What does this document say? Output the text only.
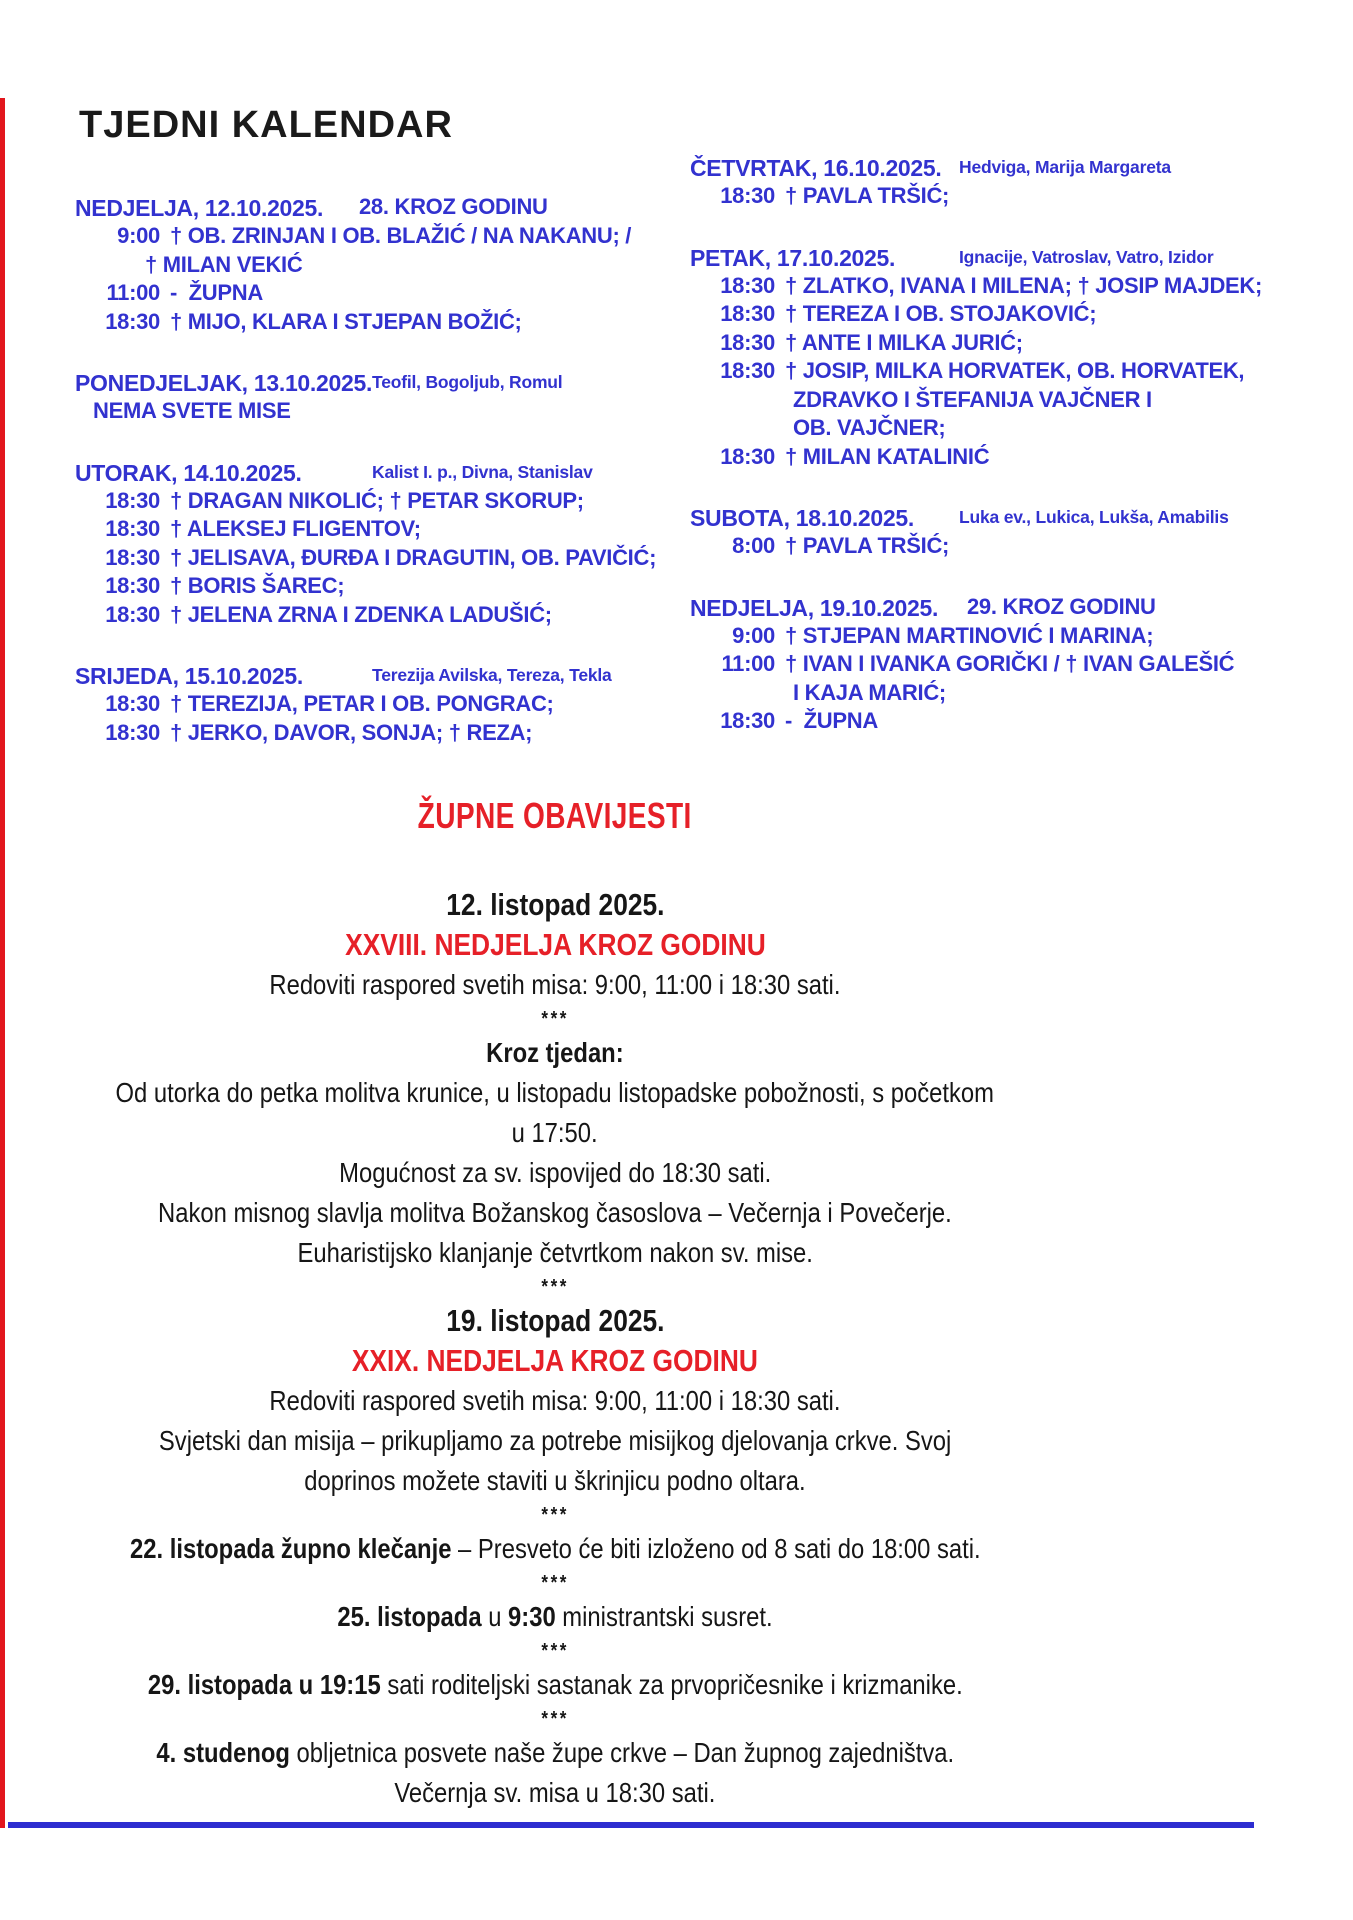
TJEDNI KALENDAR
NEDJELJA, 12.10.2025. 28. KROZ GODINU
9:00 † OB. ZRINJAN I OB. BLAŽIĆ / NA NAKANU; /
† MILAN VEKIĆ
11:00 -  ŽUPNA
18:30 † MIJO, KLARA I STJEPAN BOŽIĆ;
PONEDJELJAK, 13.10.2025. Teofil, Bogoljub, Romul
NEMA SVETE MISE
UTORAK, 14.10.2025.	Kalist I. p., Divna, Stanislav
18:30 † DRAGAN NIKOLIĆ; † PETAR SKORUP;
18:30 † ALEKSEJ FLIGENTOV;
18:30 † JELISAVA, ĐURĐA I DRAGUTIN, OB. PAVIČIĆ;
18:30 † BORIS ŠAREC;
18:30 † JELENA ZRNA I ZDENKA LADUŠIĆ;
SRIJEDA, 15.10.2025.	Terezija Avilska, Tereza, Tekla
18:30 † TEREZIJA, PETAR I OB. PONGRAC;
18:30 † JERKO, DAVOR, SONJA; † REZA;
ČETVRTAK, 16.10.2025. Hedviga, Marija Margareta
18:30 † PAVLA TRŠIĆ;
PETAK, 17.10.2025.	Ignacije, Vatroslav, Vatro, Izidor
18:30 † ZLATKO, IVANA I MILENA; † JOSIP MAJDEK;
18:30 † TEREZA I OB. STOJAKOVIĆ;
18:30 † ANTE I MILKA JURIĆ;
18:30 † JOSIP, MILKA HORVATEK, OB. HORVATEK,
ZDRAVKO I ŠTEFANIJA VAJČNER I
OB. VAJČNER;
18:30 † MILAN KATALINIĆ
SUBOTA, 18.10.2025.	Luka ev., Lukica, Lukša, Amabilis
8:00 † PAVLA TRŠIĆ;
NEDJELJA, 19.10.2025. 29. KROZ GODINU
9:00 † STJEPAN MARTINOVIĆ I MARINA;
11:00 † IVAN I IVANKA GORIČKI / † IVAN GALEŠIĆ
I KAJA MARIĆ;
18:30 -  ŽUPNA
ŽUPNE OBAVIJESTI
12. listopad 2025.
XXVIII. NEDJELJA KROZ GODINU
Redoviti raspored svetih misa: 9:00, 11:00 i 18:30 sati.
***
Kroz tjedan:
Od utorka do petka molitva krunice, u listopadu listopadske pobožnosti, s početkom
u 17:50.
Mogućnost za sv. ispovijed do 18:30 sati.
Nakon misnog slavlja molitva Božanskog časoslova – Večernja i Povečerje.
Euharistijsko klanjanje četvrtkom nakon sv. mise.
***
19. listopad 2025.
XXIX. NEDJELJA KROZ GODINU
Redoviti raspored svetih misa: 9:00, 11:00 i 18:30 sati.
Svjetski dan misija – prikupljamo za potrebe misijkog djelovanja crkve. Svoj
doprinos možete staviti u škrinjicu podno oltara.
***
22. listopada župno klečanje – Presveto će biti izloženo od 8 sati do 18:00 sati.
***
25. listopada u 9:30 ministrantski susret.
***
29. listopada u 19:15 sati roditeljski sastanak za prvopričesnike i krizmanike.
***
4. studenog obljetnica posvete naše župe crkve – Dan župnog zajedništva.
Večernja sv. misa u 18:30 sati.
